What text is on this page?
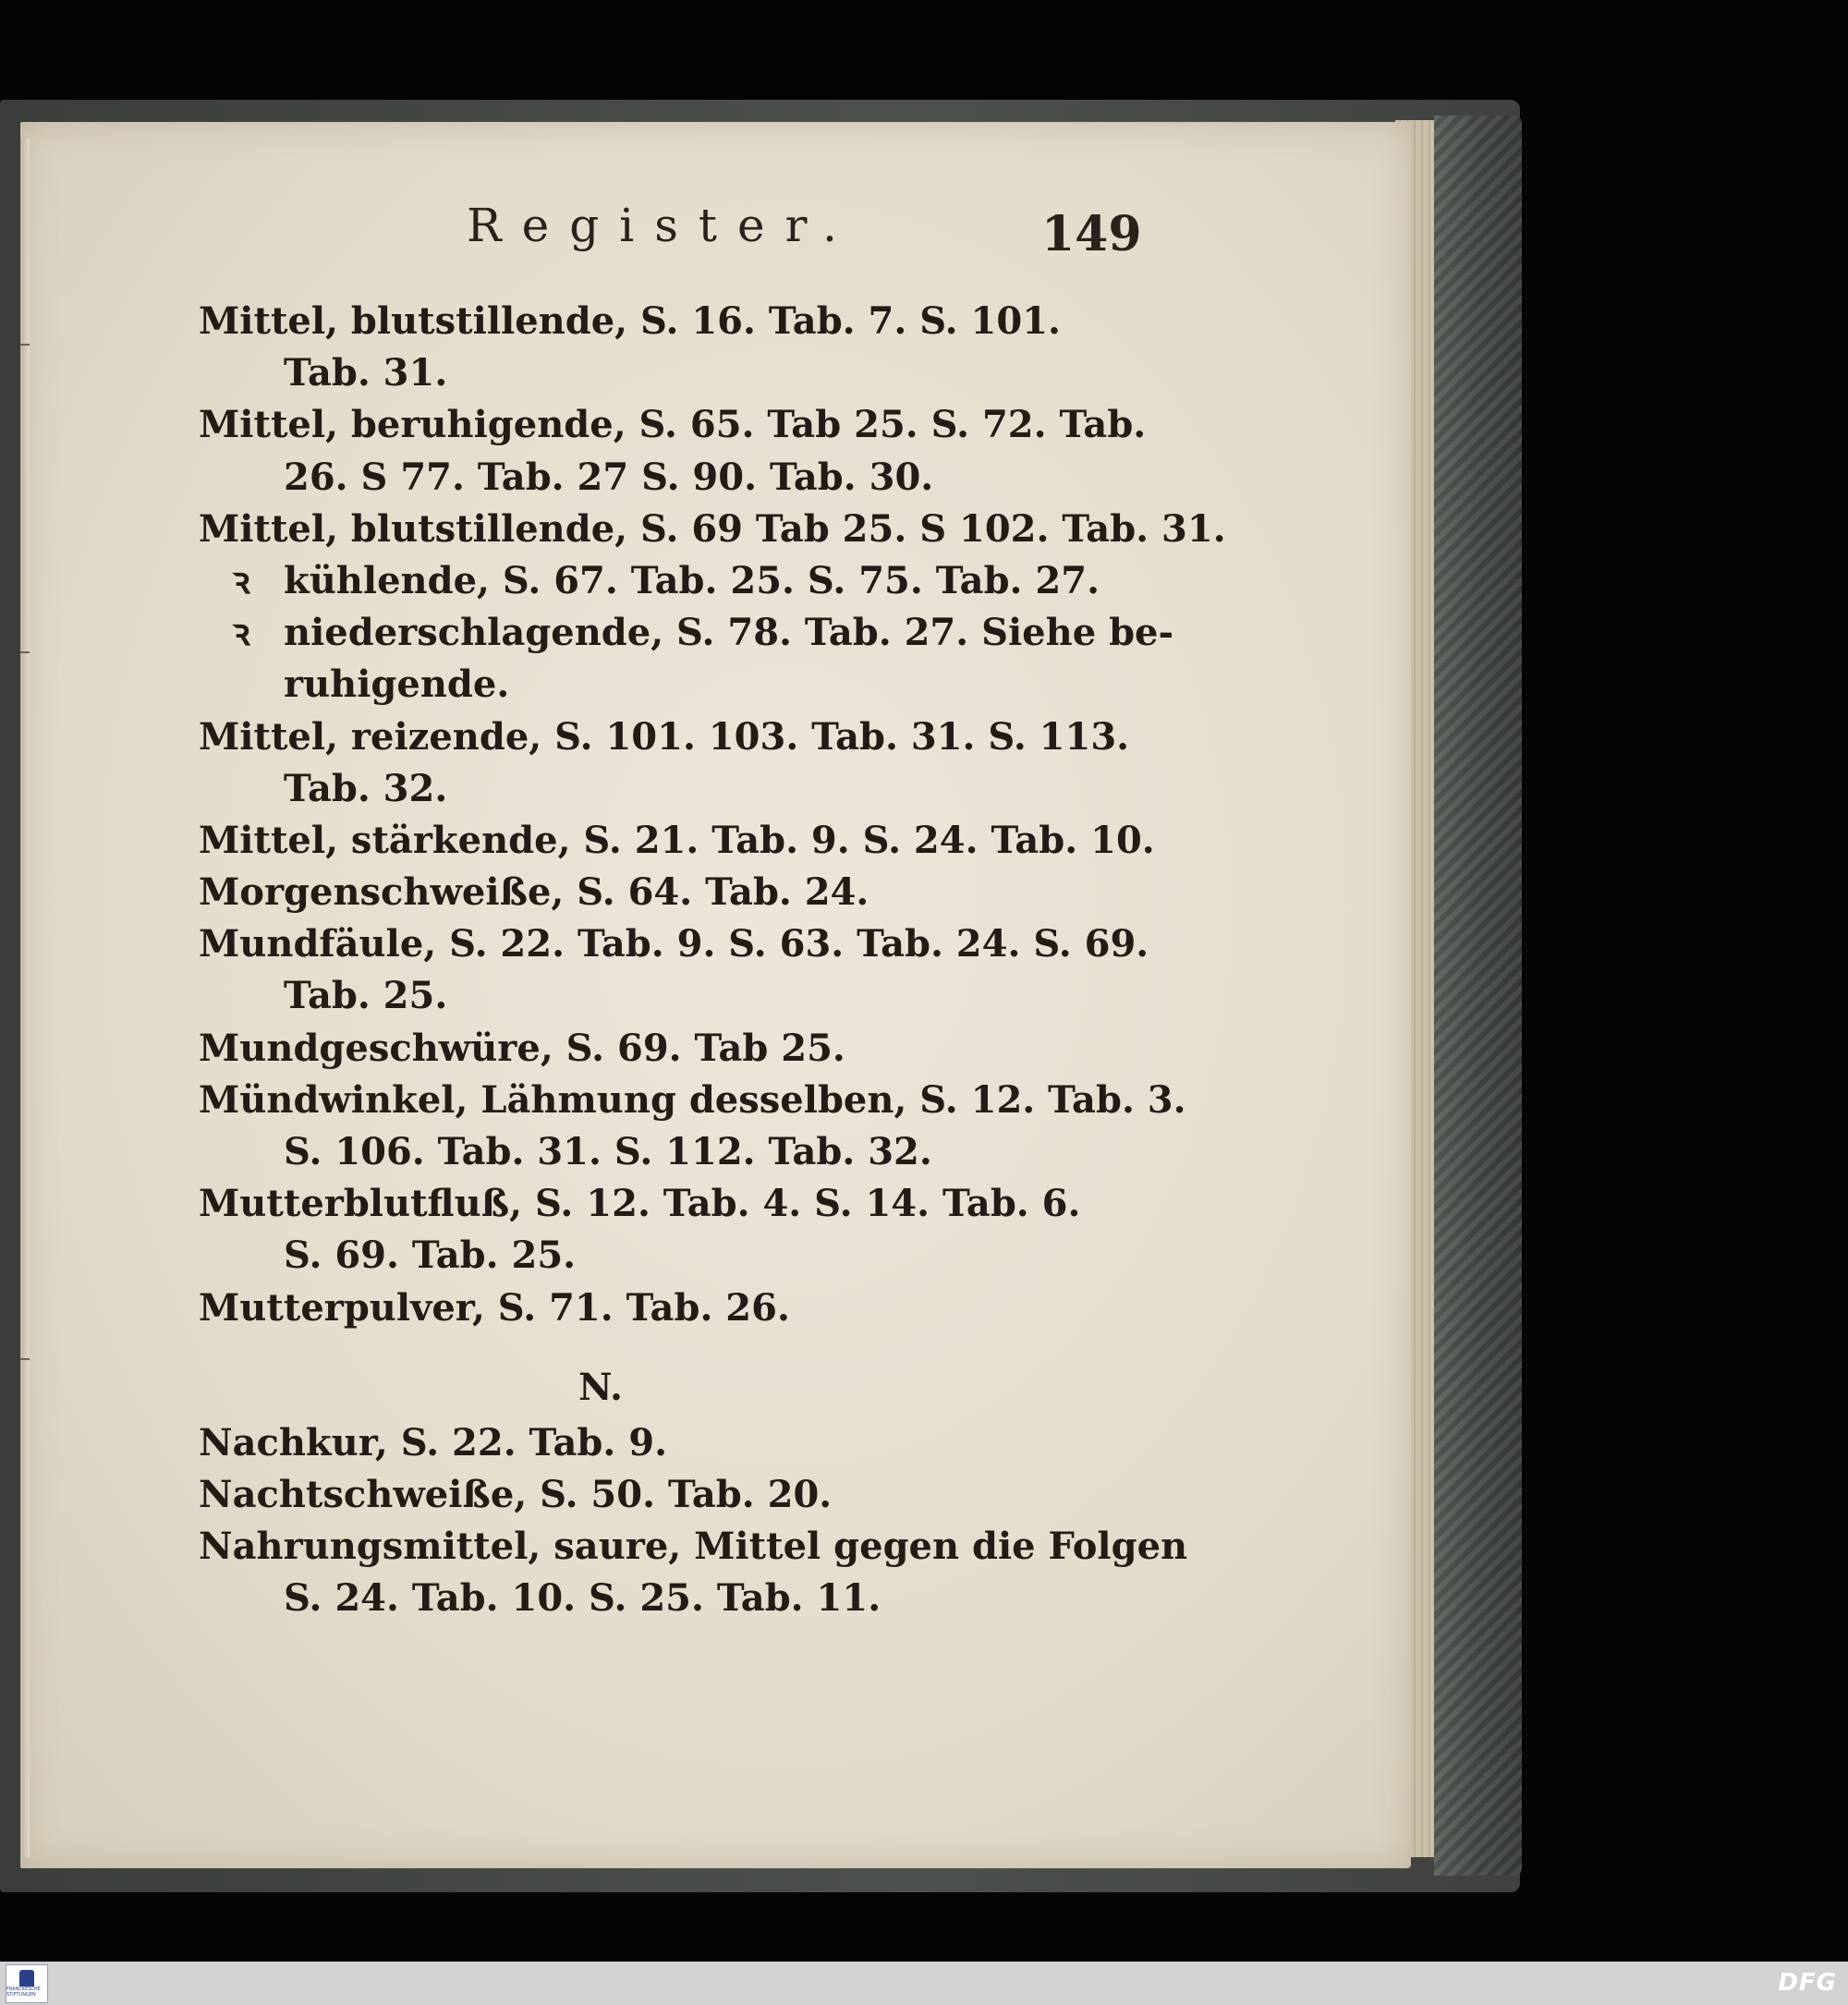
Register.	149
Mittel, blutstillende, S. 16. Tab. 7. S. 101.
Tab. 31.
Mittel, beruhigende, S. 65. Tab 25. S. 72. Tab.
26. S 77. Tab. 27 S. 90. Tab. 30.
Mittel, blutstillende, S. 69 Tab 25. S 102. Tab. 31.
ꝛ kühlende, S. 67. Tab. 25. S. 75. Tab. 27.
ꝛ niederschlagende, S. 78. Tab. 27. Siehe be-
ruhigende.
Mittel, reizende, S. 101. 103. Tab. 31. S. 113.
Tab. 32.
Mittel, stärkende, S. 21. Tab. 9. S. 24. Tab. 10.
Morgenschweiße, S. 64. Tab. 24.
Mundfäule, S. 22. Tab. 9. S. 63. Tab. 24. S. 69.
Tab. 25.
Mundgeschwüre, S. 69. Tab 25.
Mündwinkel, Lähmung desselben, S. 12. Tab. 3.
S. 106. Tab. 31. S. 112. Tab. 32.
Mutterblutfluß, S. 12. Tab. 4. S. 14. Tab. 6.
S. 69. Tab. 25.
Mutterpulver, S. 71. Tab. 26.
N.
Nachkur, S. 22. Tab. 9.
Nachtschweiße, S. 50. Tab. 20.
Nahrungsmittel, saure, Mittel gegen die Folgen
S. 24. Tab. 10. S. 25. Tab. 11.
FRANCKESCHE STIFTUNGEN	DFG
